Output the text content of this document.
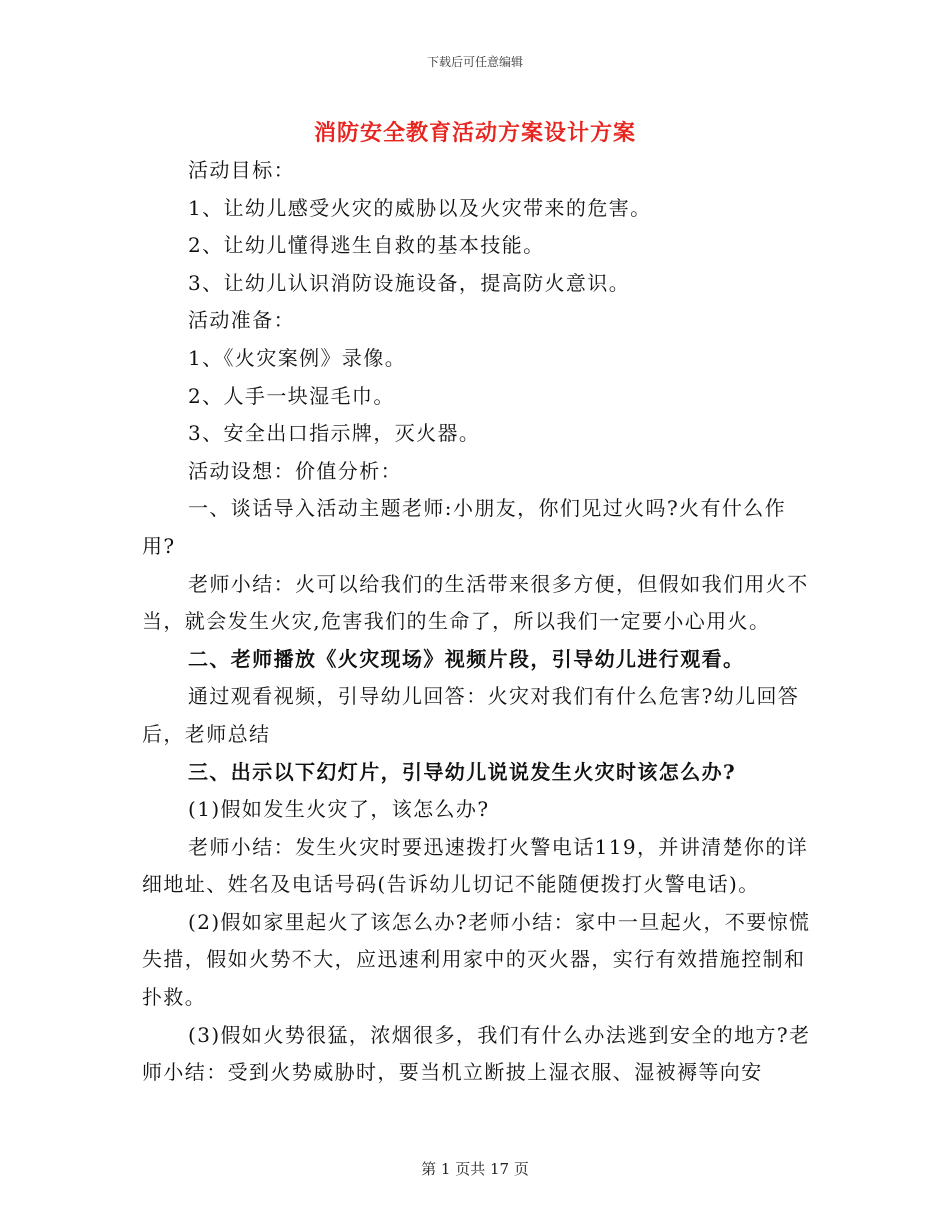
下载后可任意编辑
消防安全教育活动方案设计方案

活动目标：

1、让幼儿感受火灾的威胁以及火灾带来的危害。

2、让幼儿懂得逃生自救的基本技能。

3、让幼儿认识消防设施设备，提高防火意识。

活动准备：

1、《火灾案例》录像。

2、人手一块湿毛巾。

3、安全出口指示牌，灭火器。

活动设想：价值分析：

一、谈话导入活动主题老师:小朋友，你们见过火吗?火有什么作用?

老师小结：火可以给我们的生活带来很多方便，但假如我们用火不当，就会发生火灾,危害我们的生命了，所以我们一定要小心用火。

二、老师播放《火灾现场》视频片段，引导幼儿进行观看。

通过观看视频，引导幼儿回答：火灾对我们有什么危害?幼儿回答后，老师总结

三、出示以下幻灯片，引导幼儿说说发生火灾时该怎么办?

(1)假如发生火灾了，该怎么办?

老师小结：发生火灾时要迅速拨打火警电话119，并讲清楚你的详细地址、姓名及电话号码(告诉幼儿切记不能随便拨打火警电话)。

(2)假如家里起火了该怎么办?老师小结：家中一旦起火，不要惊慌失措，假如火势不大，应迅速利用家中的灭火器，实行有效措施控制和扑救。

(3)假如火势很猛，浓烟很多，我们有什么办法逃到安全的地方?老师小结：受到火势威胁时，要当机立断披上湿衣服、湿被褥等向安

第 1 页共 17 页
